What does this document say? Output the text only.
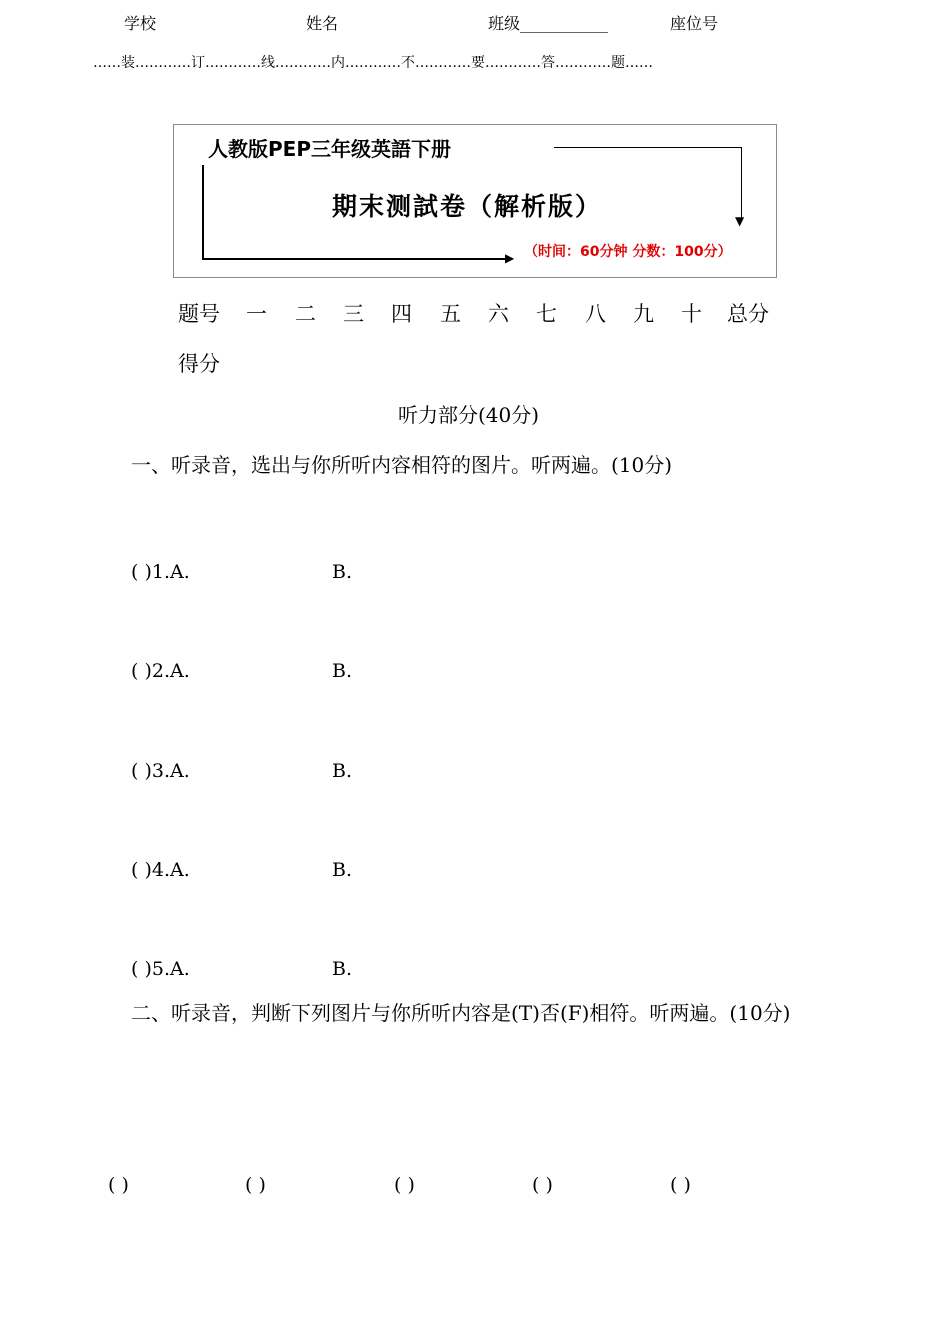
学校	姓名	班级___________	座位号
……装…………订…………线…………内…………不…………要…………答…………题……
人教版PEP三年级英語下册
期末测試卷（解析版）
（时间：60分钟 分数：100分）
▼
▶
题号 一 二 三 四 五 六 七 八 九 十 总分
得分
听力部分(40分)
一、听录音，选出与你所听内容相符的图片。听两遍。(10分)
( )1.A.	B.
( )2.A.	B.
( )3.A.	B.
( )4.A.	B.
( )5.A.	B.
二、听录音，判断下列图片与你所听内容是(T)否(F)相符。听两遍。(10分)
( )	( )	( )	( )	( )
